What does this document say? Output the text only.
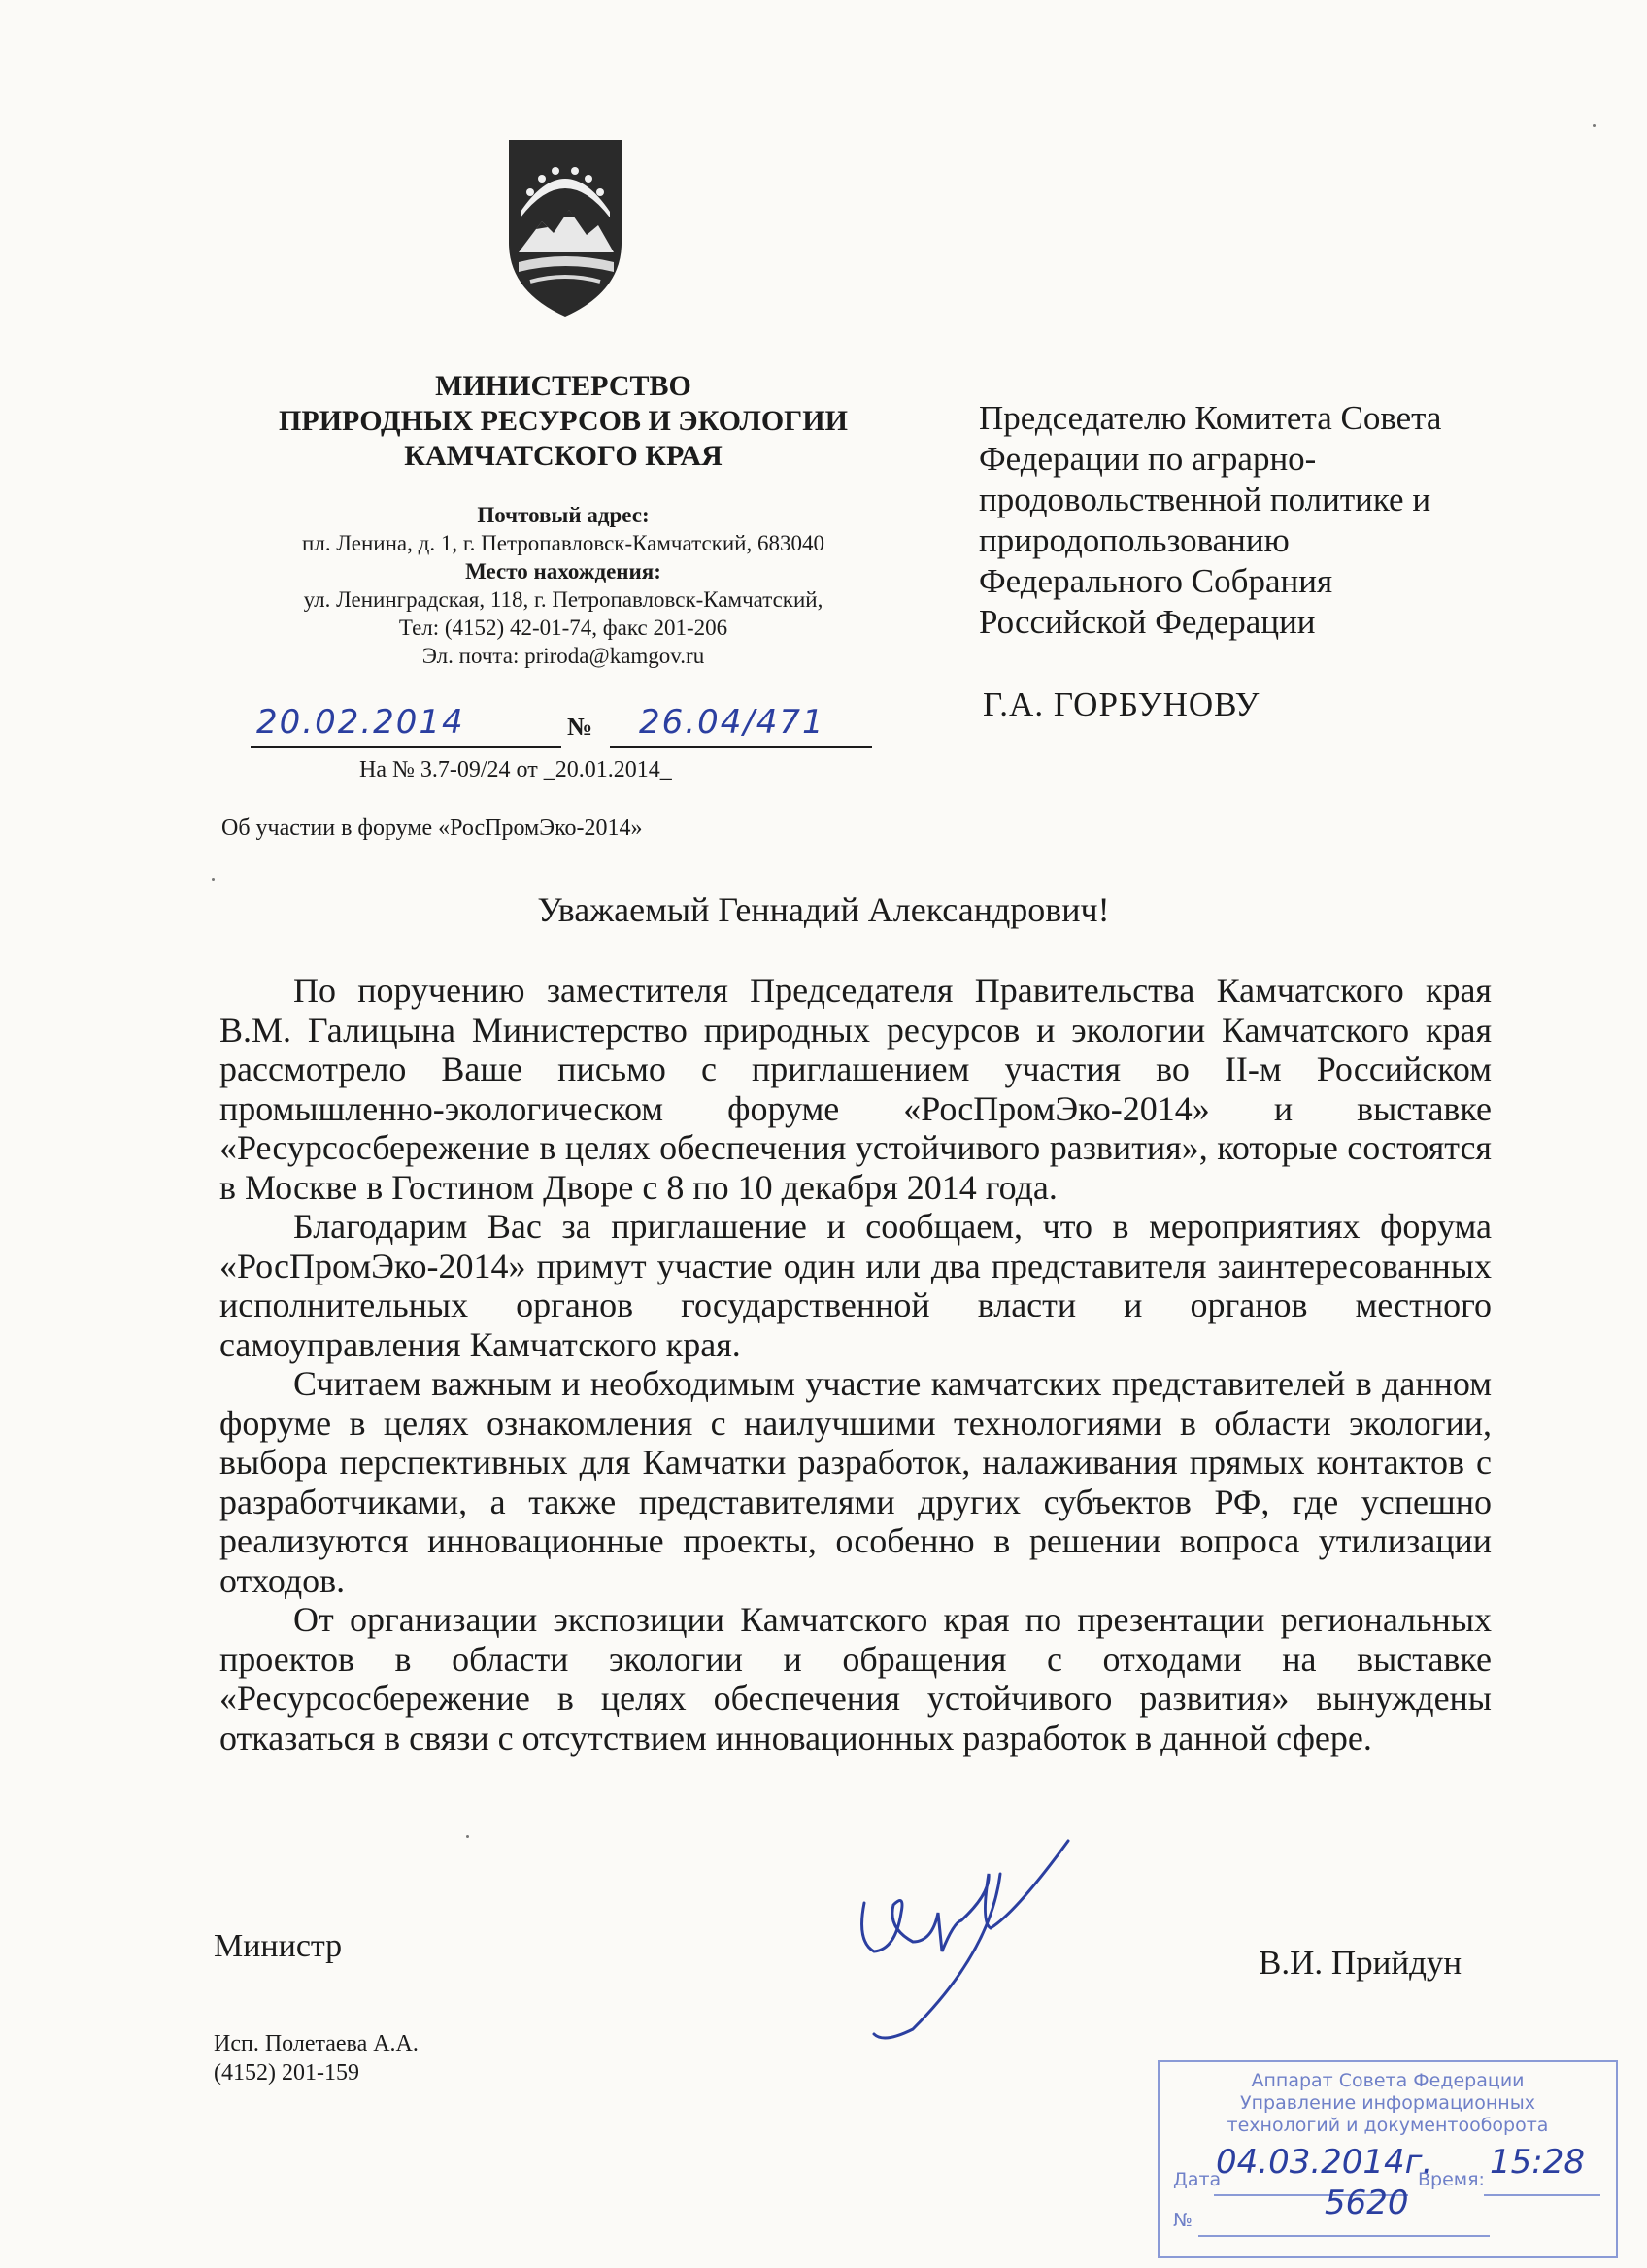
МИНИСТЕРСТВО
ПРИРОДНЫХ РЕСУРСОВ И ЭКОЛОГИИ
КАМЧАТСКОГО КРАЯ
Почтовый адрес:
пл. Ленина, д. 1, г. Петропавловск-Камчатский, 683040
Место нахождения:
ул. Ленинградская, 118, г. Петропавловск-Камчатский,
Тел: (4152) 42-01-74, факс 201-206
Эл. почта: priroda@kamgov.ru
20.02.2014	№ 26.04/471
На № 3.7-09/24 от _20.01.2014_
Об участии в форуме «РосПромЭко-2014»
Председателю Комитета Совета
Федерации по аграрно-
продовольственной политике и
природопользованию
Федерального Собрания
Российской Федерации
Г.А. ГОРБУНОВУ
Уважаемый Геннадий Александрович!

По поручению заместителя Председателя Правительства Камчатского края В.М. Галицына Министерство природных ресурсов и экологии Камчатского края рассмотрело Ваше письмо с приглашением участия во II-м Российском промышленно-экологическом форуме «РосПромЭко-2014» и выставке «Ресурсосбережение в целях обеспечения устойчивого развития», которые состоятся в Москве в Гостином Дворе с 8 по 10 декабря 2014 года.

Благодарим Вас за приглашение и сообщаем, что в мероприятиях форума «РосПромЭко-2014» примут участие один или два представителя заинтересованных исполнительных органов государственной власти и органов местного самоуправления Камчатского края.

Считаем важным и необходимым участие камчатских представителей в данном форуме в целях ознакомления с наилучшими технологиями в области экологии, выбора перспективных для Камчатки разработок, налаживания прямых контактов с разработчиками, а также представителями других субъектов РФ, где успешно реализуются инновационные проекты, особенно в решении вопроса утилизации отходов.

От организации экспозиции Камчатского края по презентации региональных проектов в области экологии и обращения с отходами на выставке «Ресурсосбережение в целях обеспечения устойчивого развития» вынуждены отказаться в связи с отсутствием инновационных разработок в данной сфере.

Министр	В.И. Прийдун
Исп. Полетаева А.А.
(4152) 201-159	Аппарат Совета Федерации
Управление информационных
технологий и документооборота
Дата
04.03.2014г.
Время: 15:28
№	5620
